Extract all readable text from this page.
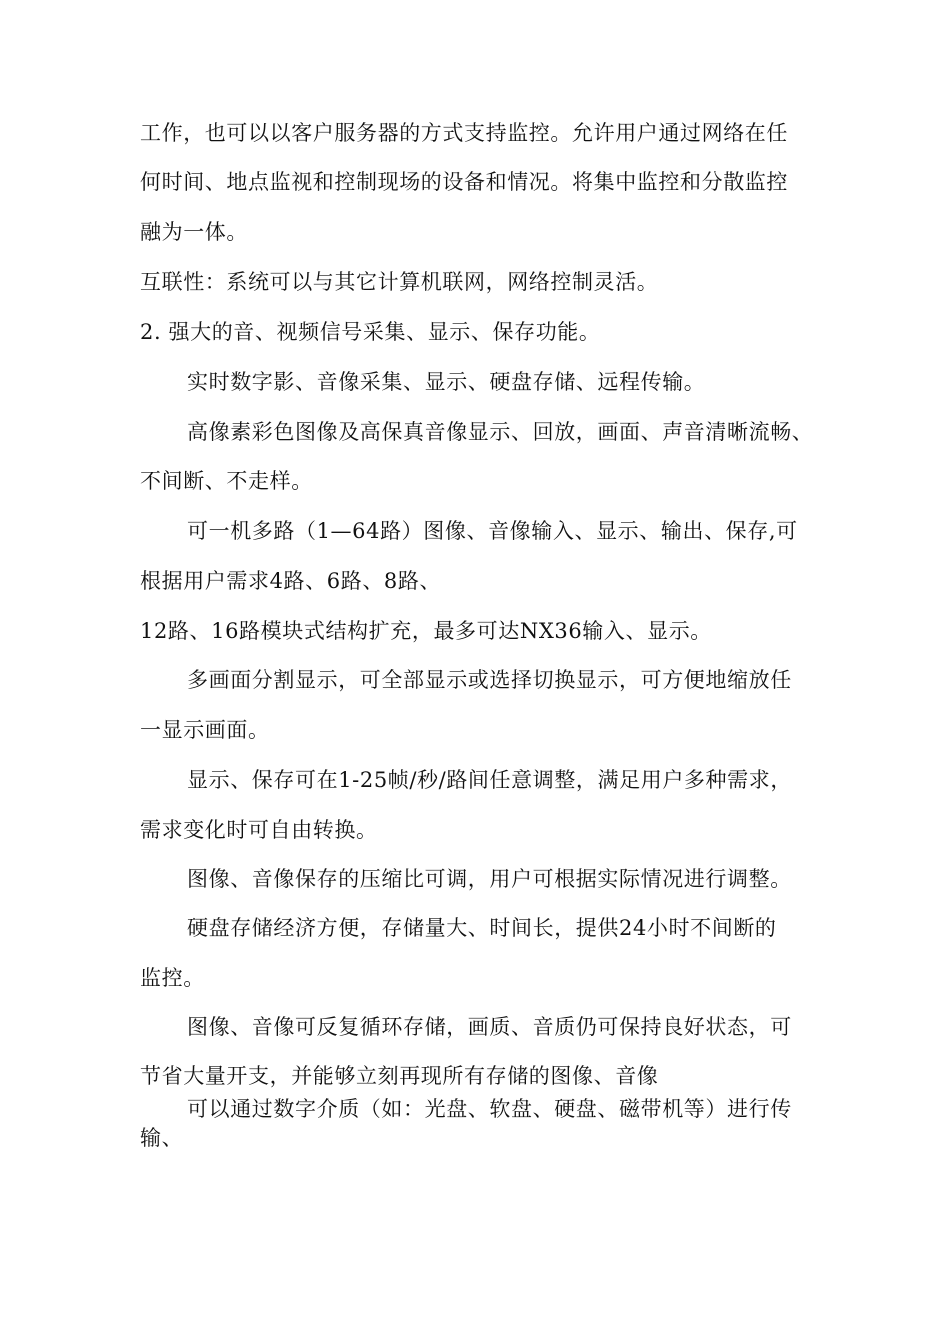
工作，也可以以客户服务器的方式支持监控。允许用户通过网络在任
何时间、地点监视和控制现场的设备和情况。将集中监控和分散监控
融为一体。
互联性：系统可以与其它计算机联网，网络控制灵活。
2. 强大的音、视频信号采集、显示、保存功能。
实时数字影、音像采集、显示、硬盘存储、远程传输。
高像素彩色图像及高保真音像显示、回放，画面、声音清晰流畅、
不间断、不走样。
可一机多路（1—64路）图像、音像输入、显示、输出、保存,可
根据用户需求4路、6路、8路、
12路、16路模块式结构扩充，最多可达NX36输入、显示。
多画面分割显示，可全部显示或选择切换显示，可方便地缩放任
一显示画面。
显示、保存可在1-25帧/秒/路间任意调整，满足用户多种需求，
需求变化时可自由转换。
图像、音像保存的压缩比可调，用户可根据实际情况进行调整。
硬盘存储经济方便，存储量大、时间长，提供24小时不间断的
监控。
图像、音像可反复循环存储，画质、音质仍可保持良好状态，可
节省大量开支，并能够立刻再现所有存储的图像、音像
可以通过数字介质（如：光盘、软盘、硬盘、磁带机等）进行传
输、
